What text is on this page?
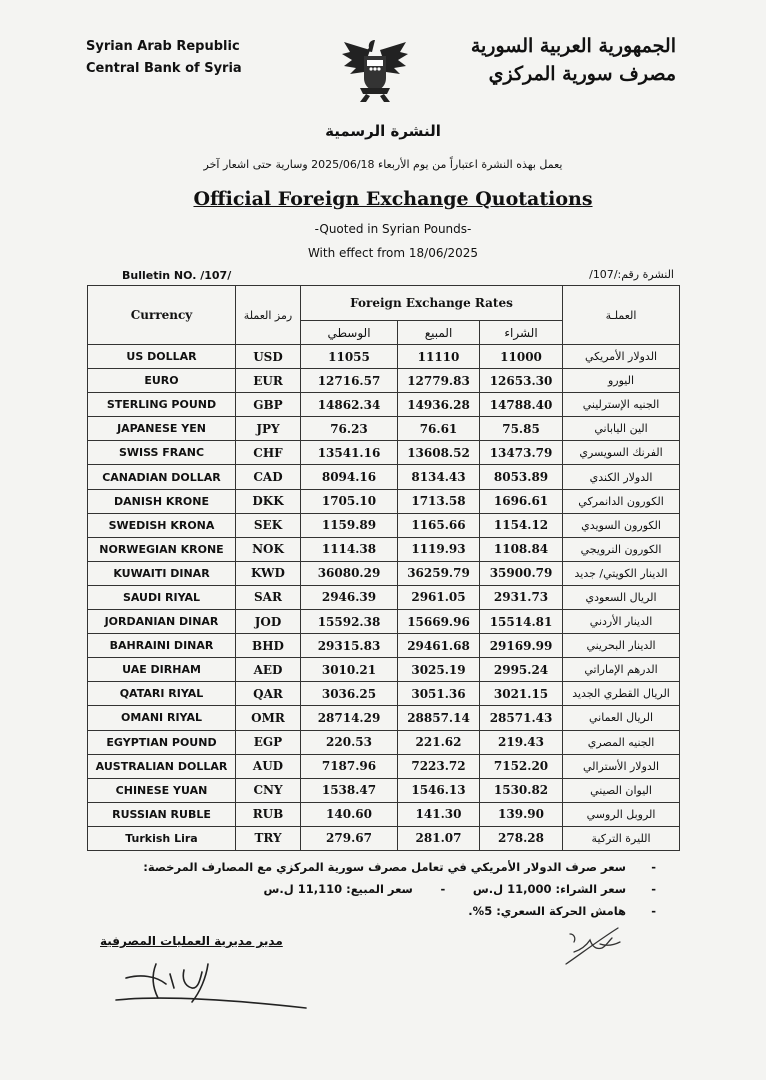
Syrian Arab Republic
Central Bank of Syria
الجمهورية العربية السورية
مصرف سورية المركزي
النشرة الرسمية
يعمل بهذه النشرة اعتباراً من يوم الأربعاء 2025/06/18 وسارية حتى اشعار آخر
Official Foreign Exchange Quotations
-Quoted in Syrian Pounds-
With effect from 18/06/2025
Bulletin NO. /107/	النشرة رقم:/107/
Currency	رمز العملة	Foreign Exchange Rates			العملـة
		الوسطي	المبيع	الشراء	
US DOLLAR	USD	11055	11110	11000	الدولار الأمريكي
EURO	EUR	12716.57	12779.83	12653.30	اليورو
STERLING POUND	GBP	14862.34	14936.28	14788.40	الجنيه الإسترليني
JAPANESE YEN	JPY	76.23	76.61	75.85	الين الياباني
SWISS FRANC	CHF	13541.16	13608.52	13473.79	الفرنك السويسري
CANADIAN DOLLAR	CAD	8094.16	8134.43	8053.89	الدولار الكندي
DANISH KRONE	DKK	1705.10	1713.58	1696.61	الكورون الدانمركي
SWEDISH KRONA	SEK	1159.89	1165.66	1154.12	الكورون السويدي
NORWEGIAN KRONE	NOK	1114.38	1119.93	1108.84	الكورون النرويجي
KUWAITI DINAR	KWD	36080.29	36259.79	35900.79	الدينار الكويتي/ جديد
SAUDI RIYAL	SAR	2946.39	2961.05	2931.73	الريال السعودي
JORDANIAN DINAR	JOD	15592.38	15669.96	15514.81	الدينار الأردني
BAHRAINI DINAR	BHD	29315.83	29461.68	29169.99	الدينار البحريني
UAE DIRHAM	AED	3010.21	3025.19	2995.24	الدرهم الإماراتي
QATARI RIYAL	QAR	3036.25	3051.36	3021.15	الريال القطري الجديد
OMANI RIYAL	OMR	28714.29	28857.14	28571.43	الريال العماني
EGYPTIAN POUND	EGP	220.53	221.62	219.43	الجنيه المصري
AUSTRALIAN DOLLAR	AUD	7187.96	7223.72	7152.20	الدولار الأسترالي
CHINESE YUAN	CNY	1538.47	1546.13	1530.82	اليوان الصيني
RUSSIAN RUBLE	RUB	140.60	141.30	139.90	الروبل الروسي
Turkish Lira	TRY	279.67	281.07	278.28	الليرة التركية
-سعر صرف الدولار الأمريكي في تعامل مصرف سورية المركزي مع المصارف المرخصة:
-سعر الشراء: 11,000 ل.س-سعر المبيع: 11,110 ل.س
-هامش الحركة السعري: 5%.
مدير مديرية العمليات المصرفية
